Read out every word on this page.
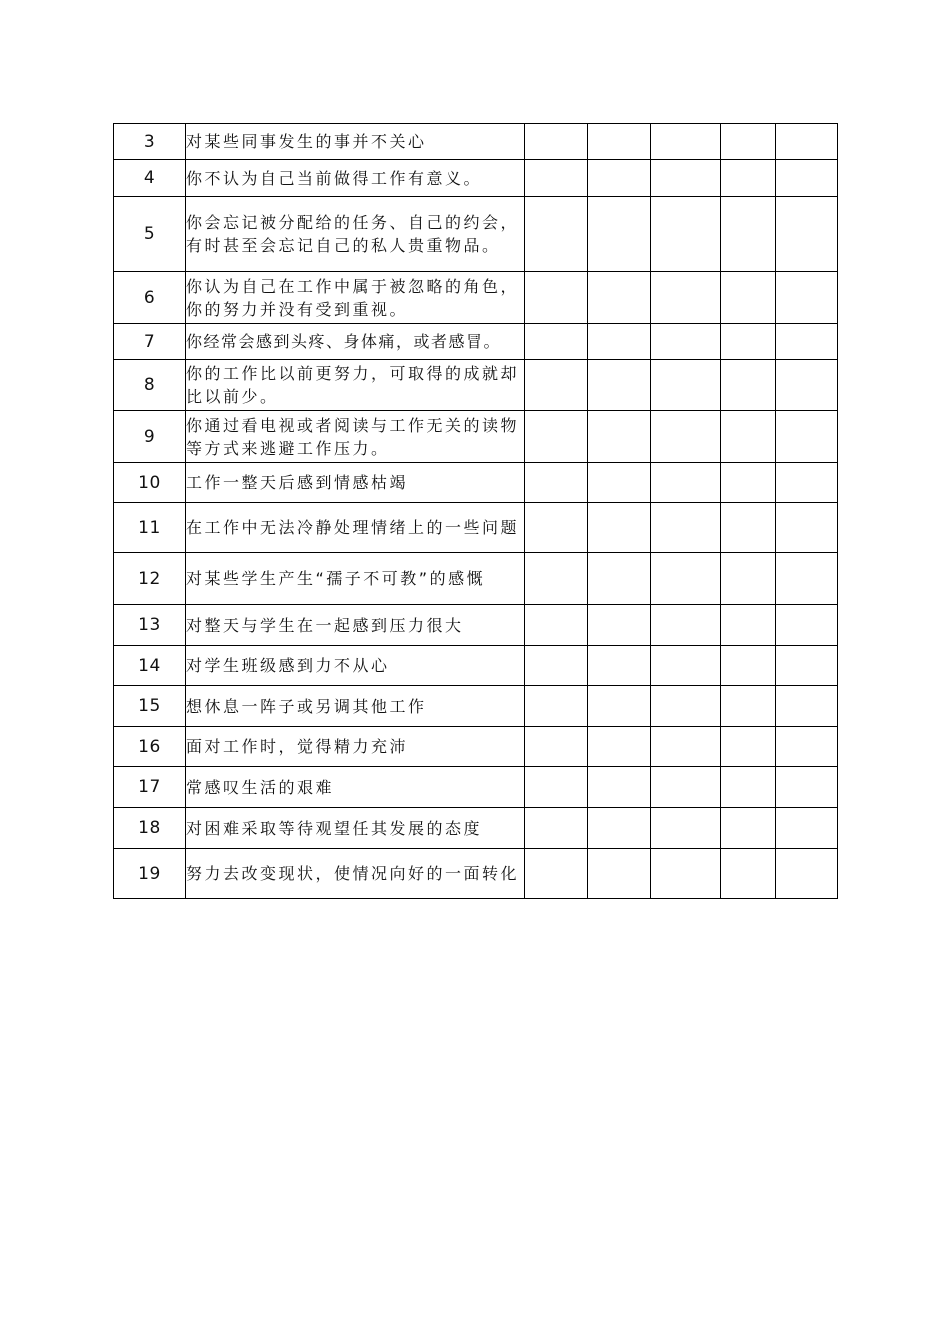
3	对某些同事发生的事并不关心					
4	你不认为自己当前做得工作有意义。					
5	你会忘记被分配给的任务、自己的约会，有时甚至会忘记自己的私人贵重物品。					
6	你认为自己在工作中属于被忽略的角色，你的努力并没有受到重视。					
7	你经常会感到头疼、身体痛，或者感冒。					
8	你的工作比以前更努力，可取得的成就却比以前少。					
9	你通过看电视或者阅读与工作无关的读物等方式来逃避工作压力。					
10	工作一整天后感到情感枯竭					
11	在工作中无法冷静处理情绪上的一些问题					
12	对某些学生产生“孺子不可教”的感慨					
13	对整天与学生在一起感到压力很大					
14	对学生班级感到力不从心					
15	想休息一阵子或另调其他工作					
16	面对工作时，觉得精力充沛					
17	常感叹生活的艰难					
18	对困难采取等待观望任其发展的态度					
19	努力去改变现状，使情况向好的一面转化					
